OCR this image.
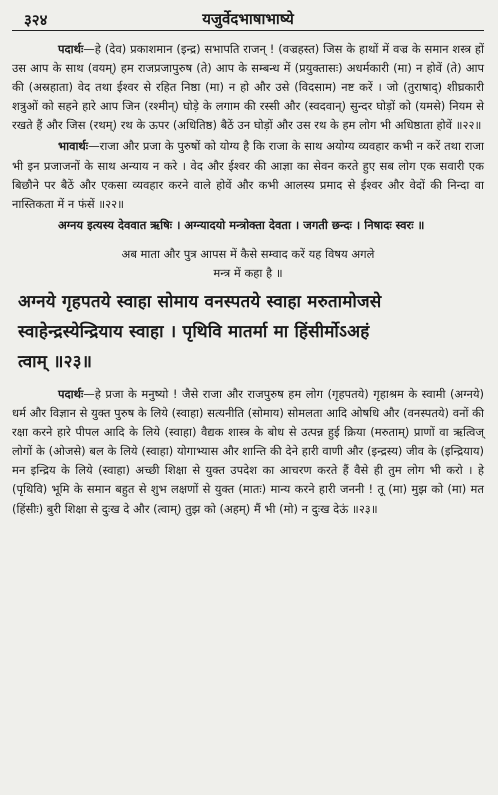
३२४	यजुर्वेदभाषाभाष्ये

पदार्थः—हे (देव) प्रकाशमान (इन्द्र) सभापति राजन् ! (वज्रहस्त) जिस के हाथों में वज्र के समान शस्त्र हों उस आप के साथ (वयम्) हम राजप्रजापुरुष (ते) आप के सम्बन्ध में (प्रयुक्तासः) अधर्मकारी (मा) न होवें (ते) आप की (अस्रहाता) वेद तथा ईश्वर से रहित निष्ठा (मा) न हो और उसे (विदसाम) नष्ट करें । जो (तुराषाद्) शीघ्रकारी शत्रुओं को सहने हारे आप जिन (रश्मीन्) घोड़े के लगाम की रस्सी और (स्वदवान्) सुन्दर घोड़ों को (यमसे) नियम से रखते हैं और जिस (रथम्) रथ के ऊपर (अधितिष्ठ) बैठें उन घोड़ों और उस रथ के हम लोग भी अधिष्ठाता होवें ॥२२॥

भावार्थः—राजा और प्रजा के पुरुषों को योग्य है कि राजा के साथ अयोग्य व्यवहार कभी न करें तथा राजा भी इन प्रजाजनों के साथ अन्याय न करे । वेद और ईश्वर की आज्ञा का सेवन करते हुए सब लोग एक सवारी एक बिछौने पर बैठें और एकसा व्यवहार करने वाले होवें और कभी आलस्य प्रमाद से ईश्वर और वेदों की निन्दा वा नास्तिकता में न फंसें ॥२२॥

अग्नय इत्यस्य देववात ऋषिः । अग्न्यादयो मन्त्रोक्ता देवता । जगती छन्दः । निषादः स्वरः ॥

अब माता और पुत्र आपस में कैसे सम्वाद करें यह विषय अगले

मन्त्र में कहा है ॥

अग्नये गृहपतये स्वाहा सोमाय वनस्पतये स्वाहा मरुतामोजसे
स्वाहेन्द्रस्येन्द्रियाय स्वाहा । पृथिवि मातर्मा मा हिंसीर्मोऽअहं
त्वाम् ॥२३॥

पदार्थः—हे प्रजा के मनुष्यो ! जैसे राजा और राजपुरुष हम लोग (गृहपतये) गृहाश्रम के स्वामी (अग्नये) धर्म और विज्ञान से युक्त पुरुष के लिये (स्वाहा) सत्यनीति (सोमाय) सोमलता आदि ओषधि और (वनस्पतये) वनों की रक्षा करने हारे पीपल आदि के लिये (स्वाहा) वैद्यक शास्त्र के बोध से उत्पन्न हुई क्रिया (मरुताम्) प्राणों वा ऋत्विज् लोगों के (ओजसे) बल के लिये (स्वाहा) योगाभ्यास और शान्ति की देने हारी वाणी और (इन्द्रस्य) जीव के (इन्द्रियाय) मन इन्द्रिय के लिये (स्वाहा) अच्छी शिक्षा से युक्त उपदेश का आचरण करते हैं वैसे ही तुम लोग भी करो । हे (पृथिवि) भूमि के समान बहुत से शुभ लक्षणों से युक्त (मातः) मान्य करने हारी जननी ! तू (मा) मुझ को (मा) मत (हिंसीः) बुरी शिक्षा से दुःख दे और (त्वाम्) तुझ को (अहम्) मैं भी (मो) न दुःख देऊं ॥२३॥
